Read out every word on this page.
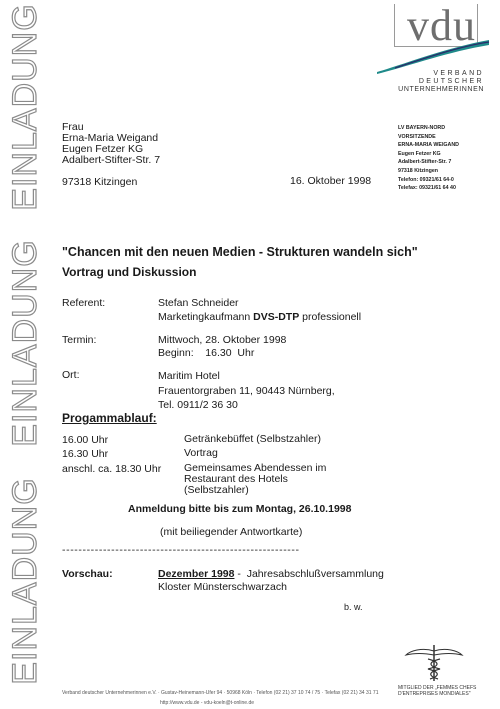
EINLADUNG
EINLADUNG
EINLADUNG
vdu
VERBAND
DEUTSCHER
UNTERNEHMERINNEN
LV BAYERN-NORD
VORSITZENDE
ERNA-MARIA WEIGAND
Eugen Fetzer KG
Adalbert-Stifter-Str. 7
97318 Kitzingen
Telefon: 09321/61 64-0
Telefax: 09321/61 64 40
Frau
Erna-Maria Weigand
Eugen Fetzer KG
Adalbert-Stifter-Str. 7
97318 Kitzingen	16. Oktober 1998
"Chancen mit den neuen Medien - Strukturen wandeln sich"
Vortrag und Diskussion
Referent:	Stefan Schneider
Marketingkaufmann DVS-DTP professionell
Termin:	Mittwoch, 28. Oktober 1998
Beginn:    16.30  Uhr
Ort:	Maritim Hotel
Frauentorgraben 11, 90443 Nürnberg,
Tel. 0911/2 36 30
Progammablauf:
16.00 Uhr	Getränkebüffet (Selbstzahler)
16.30 Uhr	Vortrag
anschl. ca. 18.30 Uhr Gemeinsames Abendessen im
Restaurant des Hotels
(Selbstzahler)
Anmeldung bitte bis zum Montag, 26.10.1998
(mit beiliegender Antwortkarte)
----------------------------------------------------------
Vorschau:	Dezember 1998 -  Jahresabschlußversammlung
Kloster Münsterschwarzach
b. w.
MITGLIED DER „FEMMES CHEFS
D'ENTREPRISES MONDIALES"
Verband deutscher Unternehmerinnen e.V. · Gustav-Heinemann-Ufer 94 · 50968 Köln · Telefon (02 21) 37 10 74 / 75 · Telefax (02 21) 34 31 71
http://www.vdu.de - vdu-koeln@t-online.de
